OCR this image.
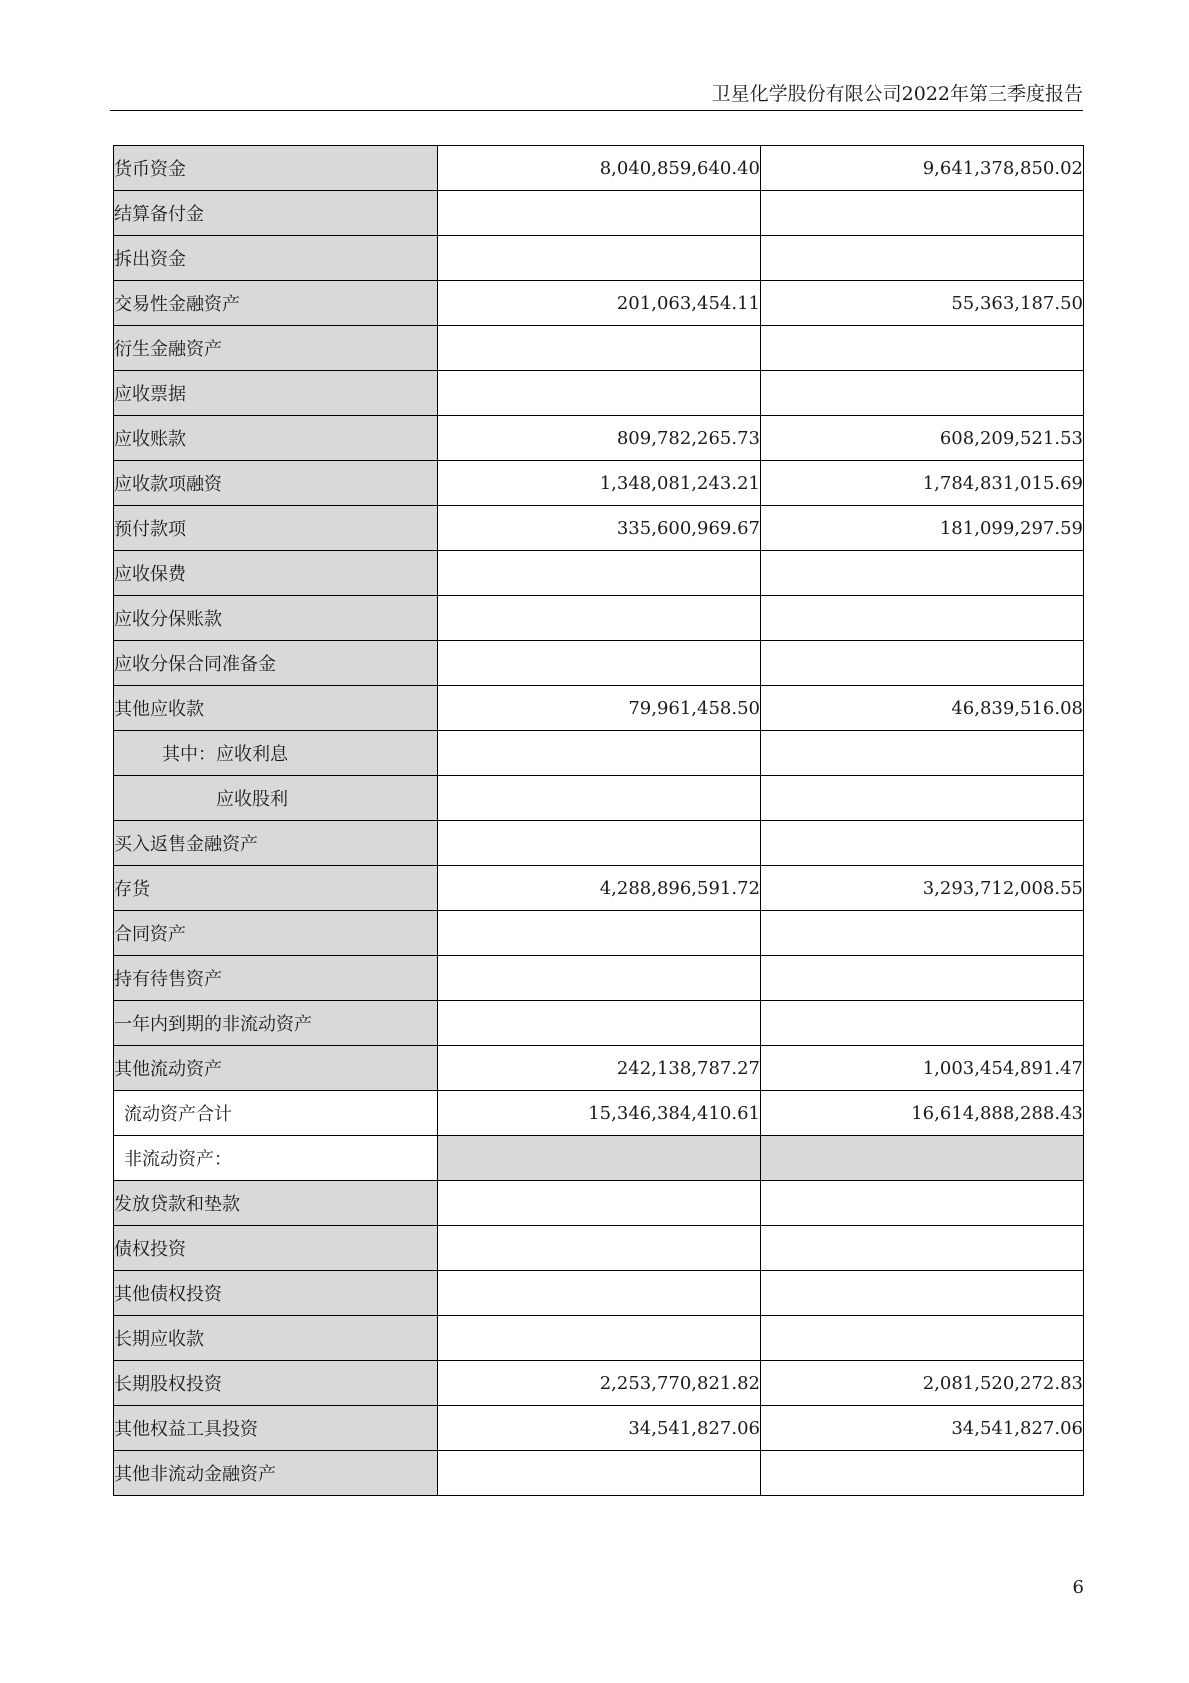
卫星化学股份有限公司2022年第三季度报告
货币资金	8,040,859,640.40	9,641,378,850.02
结算备付金		
拆出资金		
交易性金融资产	201,063,454.11	55,363,187.50
衍生金融资产		
应收票据		
应收账款	809,782,265.73	608,209,521.53
应收款项融资	1,348,081,243.21	1,784,831,015.69
预付款项	335,600,969.67	181,099,297.59
应收保费		
应收分保账款		
应收分保合同准备金		
其他应收款	79,961,458.50	46,839,516.08
其中：应收利息		
应收股利		
买入返售金融资产		
存货	4,288,896,591.72	3,293,712,008.55
合同资产		
持有待售资产		
一年内到期的非流动资产		
其他流动资产	242,138,787.27	1,003,454,891.47
流动资产合计	15,346,384,410.61	16,614,888,288.43
非流动资产：		
发放贷款和垫款		
债权投资		
其他债权投资		
长期应收款		
长期股权投资	2,253,770,821.82	2,081,520,272.83
其他权益工具投资	34,541,827.06	34,541,827.06
其他非流动金融资产		
6
